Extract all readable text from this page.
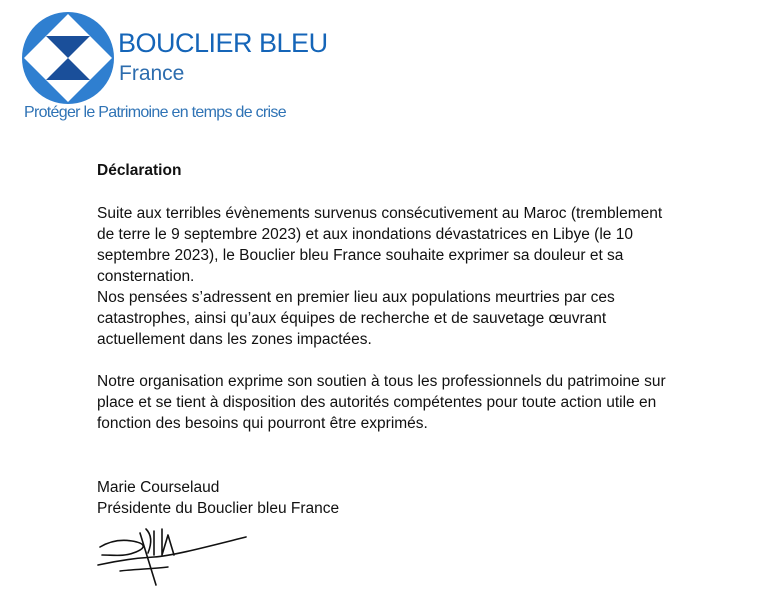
BOUCLIER BLEU
France
Protéger le Patrimoine en temps de crise
Déclaration
Suite aux terribles évènements survenus consécutivement au Maroc (tremblement
de terre le 9 septembre 2023) et aux inondations dévastatrices en Libye (le 10
septembre 2023), le Bouclier bleu France souhaite exprimer sa douleur et sa
consternation.
Nos pensées s’adressent en premier lieu aux populations meurtries par ces
catastrophes, ainsi qu’aux équipes de recherche et de sauvetage œuvrant
actuellement dans les zones impactées.
Notre organisation exprime son soutien à tous les professionnels du patrimoine sur
place et se tient à disposition des autorités compétentes pour toute action utile en
fonction des besoins qui pourront être exprimés.
Marie Courselaud
Présidente du Bouclier bleu France
